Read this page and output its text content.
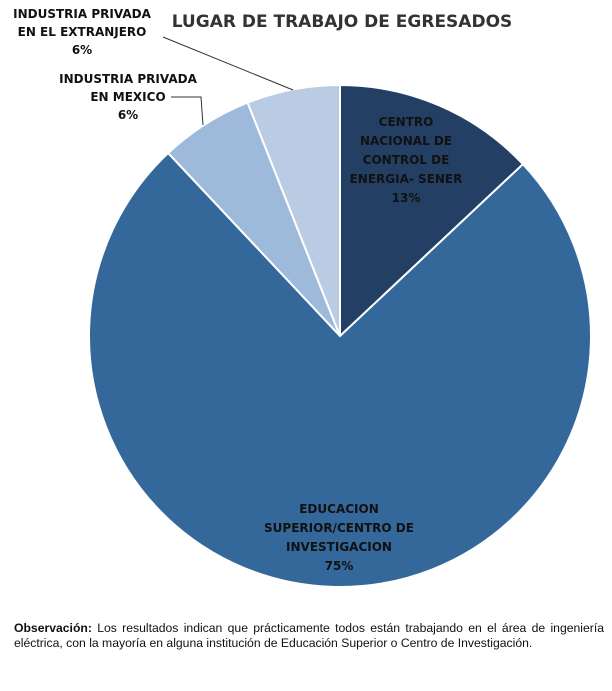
LUGAR DE TRABAJO DE EGRESADOS
CENTRO
NACIONAL DE
CONTROL DE
ENERGIA- SENER
13%
EDUCACION
SUPERIOR/CENTRO DE
INVESTIGACION
75%
INDUSTRIA PRIVADA
EN MEXICO
6%
INDUSTRIA PRIVADA
EN EL EXTRANJERO
6%
Observación: Los resultados indican que prácticamente todos están trabajando en el área de ingeniería eléctrica, con la mayoría en alguna institución de Educación Superior o Centro de Investigación.
